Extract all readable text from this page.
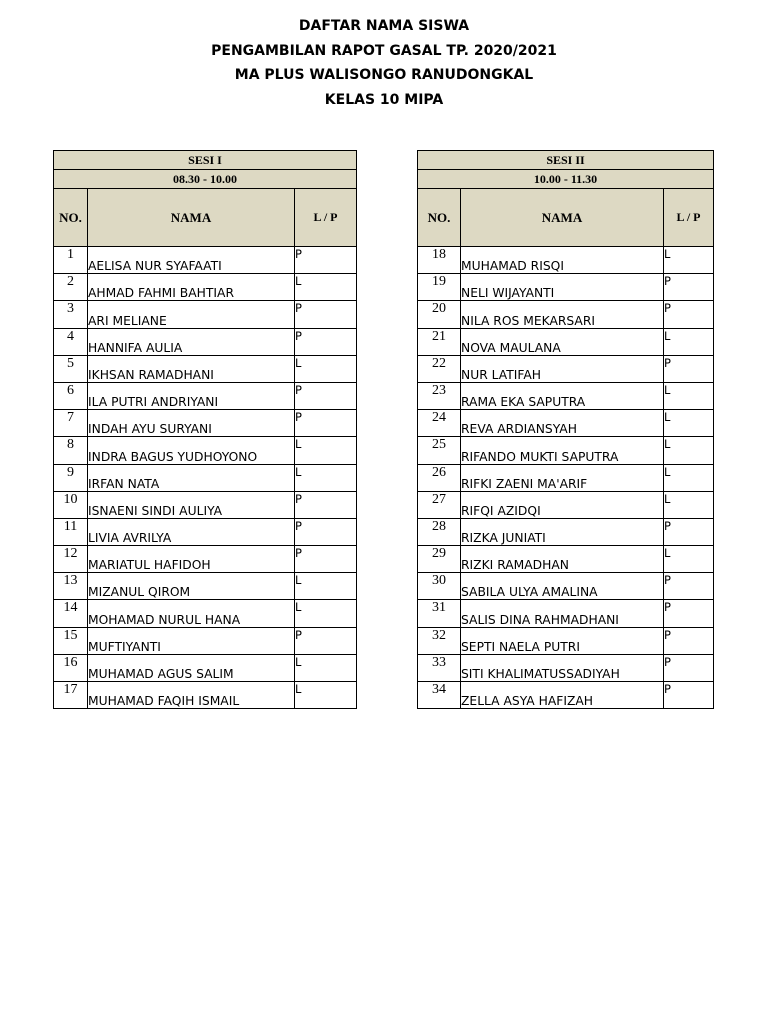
DAFTAR NAMA SISWA
PENGAMBILAN RAPOT GASAL TP. 2020/2021
MA PLUS WALISONGO RANUDONGKAL
KELAS 10 MIPA
SESI I		
08.30 - 10.00		
NO.	NAMA	L / P
1	AELISA NUR SYAFAATI	P
2	AHMAD FAHMI BAHTIAR	L
3	ARI MELIANE	P
4	HANNIFA AULIA	P
5	IKHSAN RAMADHANI	L
6	ILA PUTRI ANDRIYANI	P
7	INDAH AYU SURYANI	P
8	INDRA BAGUS YUDHOYONO	L
9	IRFAN NATA	L
10	ISNAENI SINDI AULIYA	P
11	LIVIA AVRILYA	P
12	MARIATUL HAFIDOH	P
13	MIZANUL QIROM	L
14	MOHAMAD NURUL HANA	L
15	MUFTIYANTI	P
16	MUHAMAD AGUS SALIM	L
17	MUHAMAD FAQIH ISMAIL	L
SESI II		
10.00 - 11.30		
NO.	NAMA	L / P
18	MUHAMAD RISQI	L
19	NELI WIJAYANTI	P
20	NILA ROS MEKARSARI	P
21	NOVA MAULANA	L
22	NUR LATIFAH	P
23	RAMA EKA SAPUTRA	L
24	REVA ARDIANSYAH	L
25	RIFANDO MUKTI SAPUTRA	L
26	RIFKI ZAENI MA'ARIF	L
27	RIFQI AZIDQI	L
28	RIZKA JUNIATI	P
29	RIZKI RAMADHAN	L
30	SABILA ULYA AMALINA	P
31	SALIS DINA RAHMADHANI	P
32	SEPTI NAELA PUTRI	P
33	SITI KHALIMATUSSADIYAH	P
34	ZELLA ASYA HAFIZAH	P
